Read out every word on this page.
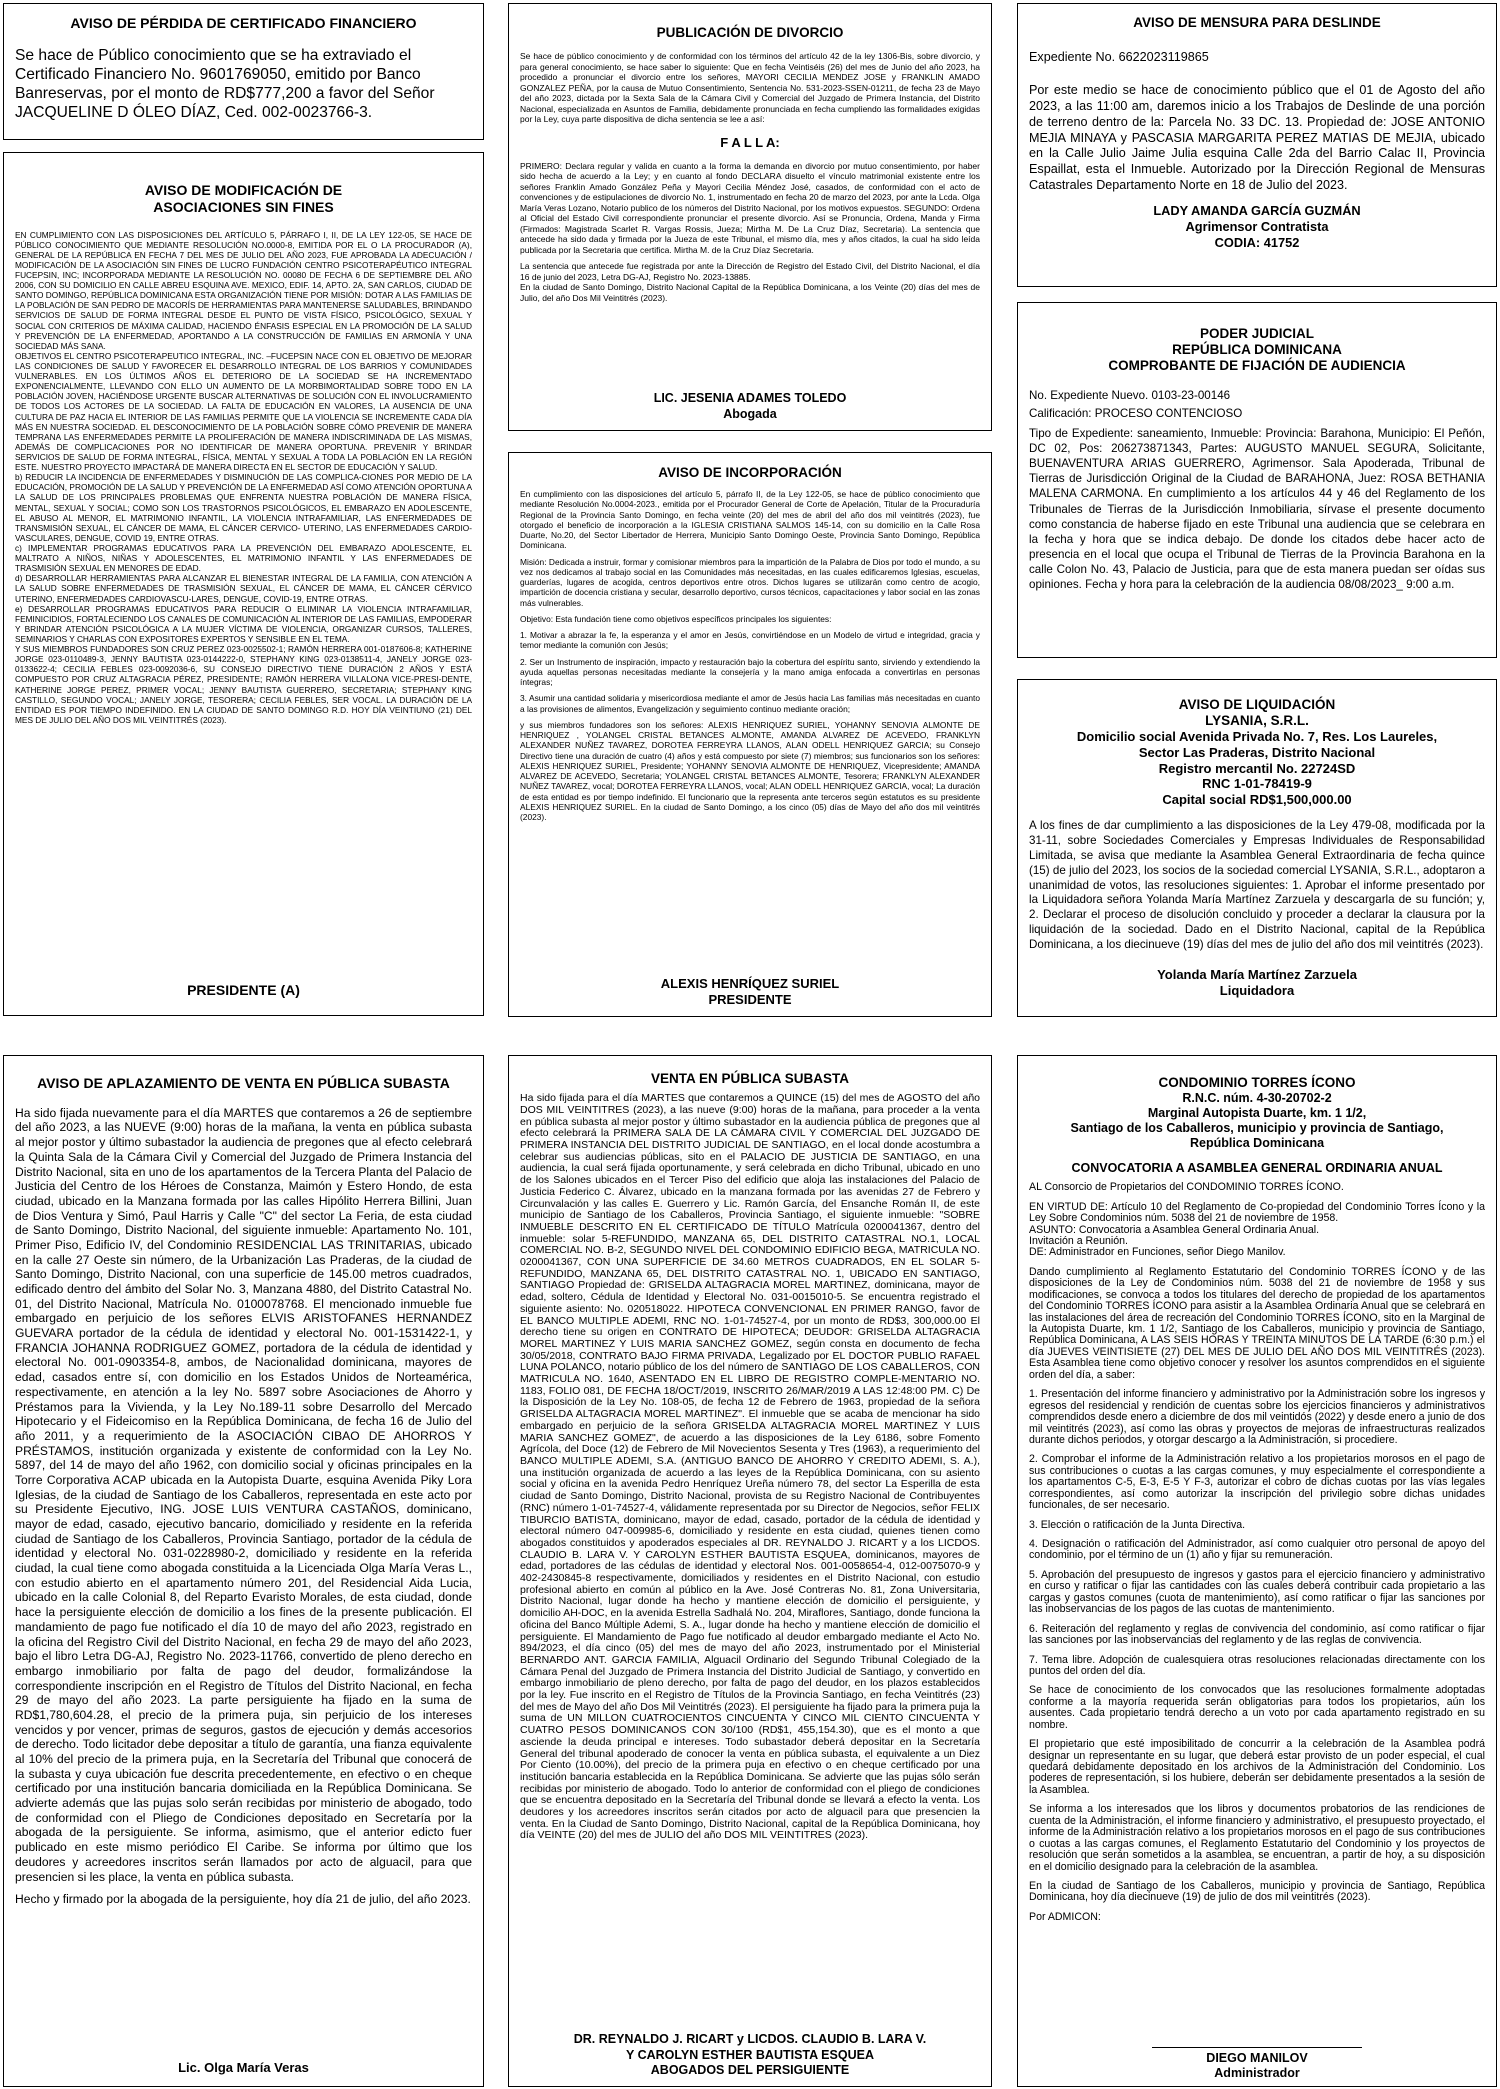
AVISO DE PÉRDIDA DE CERTIFICADO FINANCIERO
Se hace de Público conocimiento que se ha extraviado el Certificado Financiero No. 9601769050, emitido por Banco Banreservas, por el monto de RD$777,200 a favor del Señor JACQUELINE D ÓLEO DÍAZ, Ced. 002-0023766-3.
AVISO DE MODIFICACIÓN DE
ASOCIACIONES SIN FINES
EN CUMPLIMIENTO CON LAS DISPOSICIONES DEL ARTÍCULO 5, PÁRRAFO I, II, DE LA LEY 122-05, SE HACE DE PÚBLICO CONOCIMIENTO QUE MEDIANTE RESOLUCIÓN NO.0000-8, EMITIDA POR EL O LA PROCURADOR (A), GENERAL DE LA REPÚBLICA EN FECHA 7 DEL MES DE JULIO DEL AÑO 2023, FUE APROBADA LA ADECUACIÓN / MODIFICACIÓN DE LA ASOCIACIÓN SIN FINES DE LUCRO FUNDACIÓN CENTRO PSICOTERAPÉUTICO INTEGRAL FUCEPSIN, INC; INCORPORADA MEDIANTE LA RESOLUCIÓN NO. 00080 DE FECHA 6 DE SEPTIEMBRE DEL AÑO 2006, CON SU DOMICILIO EN CALLE ABREU ESQUINA AVE. MEXICO, EDIF. 14, APTO. 2A, SAN CARLOS, CIUDAD DE SANTO DOMINGO, REPÚBLICA DOMINICANA ESTA ORGANIZACIÓN TIENE POR MISIÓN: DOTAR A LAS FAMILIAS DE LA POBLACIÓN DE SAN PEDRO DE MACORÍS DE HERRAMIENTAS PARA MANTENERSE SALUDABLES, BRINDANDO SERVICIOS DE SALUD DE FORMA INTEGRAL DESDE EL PUNTO DE VISTA FÍSICO, PSICOLÓGICO, SEXUAL Y SOCIAL CON CRITERIOS DE MÁXIMA CALIDAD, HACIENDO ÉNFASIS ESPECIAL EN LA PROMOCIÓN DE LA SALUD Y PREVENCIÓN DE LA ENFERMEDAD, APORTANDO A LA CONSTRUCCIÓN DE FAMILIAS EN ARMONÍA Y UNA SOCIEDAD MÁS SANA.
OBJETIVOS EL CENTRO PSICOTERAPEUTICO INTEGRAL, INC. –FUCEPSIN NACE CON EL OBJETIVO DE MEJORAR LAS CONDICIONES DE SALUD Y FAVORECER EL DESARROLLO INTEGRAL DE LOS BARRIOS Y COMUNIDADES VULNERABLES. EN LOS ÚLTIMOS AÑOS EL DETERIORO DE LA SOCIEDAD SE HA INCREMENTADO EXPONENCIALMENTE, LLEVANDO CON ELLO UN AUMENTO DE LA MORBIMORTALIDAD SOBRE TODO EN LA POBLACIÓN JOVEN, HACIÉNDOSE URGENTE BUSCAR ALTERNATIVAS DE SOLUCIÓN CON EL INVOLUCRAMIENTO DE TODOS LOS ACTORES DE LA SOCIEDAD. LA FALTA DE EDUCACIÓN EN VALORES, LA AUSENCIA DE UNA CULTURA DE PAZ HACIA EL INTERIOR DE LAS FAMILIAS PERMITE QUE LA VIOLENCIA SE INCREMENTE CADA DÍA MÁS EN NUESTRA SOCIEDAD. EL DESCONOCIMIENTO DE LA POBLACIÓN SOBRE CÓMO PREVENIR DE MANERA TEMPRANA LAS ENFERMEDADES PERMITE LA PROLIFERACIÓN DE MANERA INDISCRIMINADA DE LAS MISMAS, ADEMÁS DE COMPLICACIONES POR NO IDENTIFICAR DE MANERA OPORTUNA. PREVENIR Y BRINDAR SERVICIOS DE SALUD DE FORMA INTEGRAL, FÍSICA, MENTAL Y SEXUAL A TODA LA POBLACIÓN EN LA REGIÓN ESTE. NUESTRO PROYECTO IMPACTARÁ DE MANERA DIRECTA EN EL SECTOR DE EDUCACIÓN Y SALUD.
b) REDUCIR LA INCIDENCIA DE ENFERMEDADES Y DISMINUCIÓN DE LAS COMPLICA-CIONES POR MEDIO DE LA EDUCACIÓN, PROMOCIÓN DE LA SALUD Y PREVENCIÓN DE LA ENFERMEDAD ASÍ COMO ATENCIÓN OPORTUNA A LA SALUD DE LOS PRINCIPALES PROBLEMAS QUE ENFRENTA NUESTRA POBLACIÓN DE MANERA FÍSICA, MENTAL, SEXUAL Y SOCIAL; COMO SON LOS TRASTORNOS PSICOLÓGICOS, EL EMBARAZO EN ADOLESCENTE, EL ABUSO AL MENOR, EL MATRIMONIO INFANTIL, LA VIOLENCIA INTRAFAMILIAR, LAS ENFERMEDADES DE TRANSMISIÓN SEXUAL, EL CÁNCER DE MAMA, EL CÁNCER CERVICO- UTERINO, LAS ENFERMEDADES CARDIO-VASCULARES, DENGUE, COVID 19, ENTRE OTRAS.
c) IMPLEMENTAR PROGRAMAS EDUCATIVOS PARA LA PREVENCIÓN DEL EMBARAZO ADOLESCENTE, EL MALTRATO A NIÑOS, NIÑAS Y ADOLESCENTES, EL MATRIMONIO INFANTIL Y LAS ENFERMEDADES DE TRASMISIÓN SEXUAL EN MENORES DE EDAD.
d) DESARROLLAR HERRAMIENTAS PARA ALCANZAR EL BIENESTAR INTEGRAL DE LA FAMILIA, CON ATENCIÓN A LA SALUD SOBRE ENFERMEDADES DE TRASMISIÓN SEXUAL, EL CÁNCER DE MAMA, EL CÁNCER CÉRVICO UTERINO, ENFERMEDADES CARDIOVASCU-LARES, DENGUE, COVID-19, ENTRE OTRAS.
e) DESARROLLAR PROGRAMAS EDUCATIVOS PARA REDUCIR O ELIMINAR LA VIOLENCIA INTRAFAMILIAR, FEMINICIDIOS, FORTALECIENDO LOS CANALES DE COMUNICACIÓN AL INTERIOR DE LAS FAMILIAS, EMPODERAR Y BRINDAR ATENCIÓN PSICOLÓGICA A LA MUJER VÍCTIMA DE VIOLENCIA, ORGANIZAR CURSOS, TALLERES, SEMINARIOS Y CHARLAS CON EXPOSITORES EXPERTOS Y SENSIBLE EN EL TEMA.
Y SUS MIEMBROS FUNDADORES SON CRUZ PEREZ 023-0025502-1; RAMÓN HERRERA 001-0187606-8; KATHERINE JORGE 023-0110489-3, JENNY BAUTISTA 023-0144222-0, STEPHANY KING 023-0138511-4, JANELY JORGE 023-0133622-4; CECILIA FEBLES 023-0092036-6, SU CONSEJO DIRECTIVO TIENE DURACIÓN 2 AÑOS Y ESTÁ COMPUESTO POR CRUZ ALTAGRACIA PÉREZ, PRESIDENTE; RAMÓN HERRERA VILLALONA VICE-PRESI-DENTE, KATHERINE JORGE PEREZ, PRIMER VOCAL; JENNY BAUTISTA GUERRERO, SECRETARIA; STEPHANY KING CASTILLO, SEGUNDO VOCAL; JANELY JORGE, TESORERA; CECILIA FEBLES, SER VOCAL. LA DURACIÓN DE LA ENTIDAD ES POR TIEMPO INDEFINIDO. EN LA CIUDAD DE SANTO DOMINGO R.D. HOY DÍA VEINTIUNO (21) DEL MES DE JULIO DEL AÑO DOS MIL VEINTITRÉS (2023).
PRESIDENTE (A)
AVISO DE APLAZAMIENTO DE VENTA EN PÚBLICA SUBASTA
Ha sido fijada nuevamente para el día MARTES que contaremos a 26 de septiembre del año 2023, a las NUEVE (9:00) horas de la mañana, la venta en pública subasta al mejor postor y último subastador la audiencia de pregones que al efecto celebrará la Quinta Sala de la Cámara Civil y Comercial del Juzgado de Primera Instancia del Distrito Nacional, sita en uno de los apartamentos de la Tercera Planta del Palacio de Justicia del Centro de los Héroes de Constanza, Maimón y Estero Hondo, de esta ciudad, ubicado en la Manzana formada por las calles Hipólito Herrera Billini, Juan de Dios Ventura y Simó, Paul Harris y Calle "C" del sector La Feria, de esta ciudad de Santo Domingo, Distrito Nacional, del siguiente inmueble: Apartamento No. 101, Primer Piso, Edificio IV, del Condominio RESIDENCIAL LAS TRINITARIAS, ubicado en la calle 27 Oeste sin número, de la Urbanización Las Praderas, de la ciudad de Santo Domingo, Distrito Nacional, con una superficie de 145.00 metros cuadrados, edificado dentro del ámbito del Solar No. 3, Manzana 4880, del Distrito Catastral No. 01, del Distrito Nacional, Matrícula No. 0100078768. El mencionado inmueble fue embargado en perjuicio de los señores ELVIS ARISTOFANES HERNANDEZ GUEVARA portador de la cédula de identidad y electoral No. 001-1531422-1, y FRANCIA JOHANNA RODRIGUEZ GOMEZ, portadora de la cédula de identidad y electoral No. 001-0903354-8, ambos, de Nacionalidad dominicana, mayores de edad, casados entre sí, con domicilio en los Estados Unidos de Norteamérica, respectivamente, en atención a la ley No. 5897 sobre Asociaciones de Ahorro y Préstamos para la Vivienda, y la Ley No.189-11 sobre Desarrollo del Mercado Hipotecario y el Fideicomiso en la República Dominicana, de fecha 16 de Julio del año 2011, y a requerimiento de la ASOCIACIÓN CIBAO DE AHORROS Y PRÉSTAMOS, institución organizada y existente de conformidad con la Ley No. 5897, del 14 de mayo del año 1962, con domicilio social y oficinas principales en la Torre Corporativa ACAP ubicada en la Autopista Duarte, esquina Avenida Piky Lora Iglesias, de la ciudad de Santiago de los Caballeros, representada en este acto por su Presidente Ejecutivo, ING. JOSE LUIS VENTURA CASTAÑOS, dominicano, mayor de edad, casado, ejecutivo bancario, domiciliado y residente en la referida ciudad de Santiago de los Caballeros, Provincia Santiago, portador de la cédula de identidad y electoral No. 031-0228980-2, domiciliado y residente en la referida ciudad, la cual tiene como abogada constituida a la Licenciada Olga María Veras L., con estudio abierto en el apartamento número 201, del Residencial Aida Lucia, ubicado en la calle Colonial 8, del Reparto Evaristo Morales, de esta ciudad, donde hace la persiguiente elección de domicilio a los fines de la presente publicación. El mandamiento de pago fue notificado el día 10 de mayo del año 2023, registrado en la oficina del Registro Civil del Distrito Nacional, en fecha 29 de mayo del año 2023, bajo el libro Letra DG-AJ, Registro No. 2023-11766, convertido de pleno derecho en embargo inmobiliario por falta de pago del deudor, formalizándose la correspondiente inscripción en el Registro de Títulos del Distrito Nacional, en fecha 29 de mayo del año 2023. La parte persiguiente ha fijado en la suma de RD$1,780,604.28, el precio de la primera puja, sin perjuicio de los intereses vencidos y por vencer, primas de seguros, gastos de ejecución y demás accesorios de derecho. Todo licitador debe depositar a título de garantía, una fianza equivalente al 10% del precio de la primera puja, en la Secretaría del Tribunal que conocerá de la subasta y cuya ubicación fue descrita precedentemente, en efectivo o en cheque certificado por una institución bancaria domiciliada en la República Dominicana. Se advierte además que las pujas solo serán recibidas por ministerio de abogado, todo de conformidad con el Pliego de Condiciones depositado en Secretaría por la abogada de la persiguiente. Se informa, asimismo, que el anterior edicto fuer publicado en este mismo periódico El Caribe. Se informa por último que los deudores y acreedores inscritos serán llamados por acto de alguacil, para que presencien si les place, la venta en pública subasta.
Hecho y firmado por la abogada de la persiguiente, hoy día 21 de julio, del año 2023.
Lic. Olga María Veras
PUBLICACIÓN DE DIVORCIO
Se hace de público conocimiento y de conformidad con los términos del artículo 42 de la ley 1306-Bis, sobre divorcio, y para general conocimiento, se hace saber lo siguiente: Que en fecha Veintiséis (26) del mes de Junio del año 2023, ha procedido a pronunciar el divorcio entre los señores, MAYORI CECILIA MENDEZ JOSE y FRANKLIN AMADO GONZALEZ PEÑA, por la causa de Mutuo Consentimiento, Sentencia No. 531-2023-SSEN-01211, de fecha 23 de Mayo del año 2023, dictada por la Sexta Sala de la Cámara Civil y Comercial del Juzgado de Primera Instancia, del Distrito Nacional, especializada en Asuntos de Familia, debidamente pronunciada en fecha cumpliendo las formalidades exigidas por la Ley, cuya parte dispositiva de dicha sentencia se lee a así:
F A L L A:
PRIMERO: Declara regular y valida en cuanto a la forma la demanda en divorcio por mutuo consentimiento, por haber sido hecha de acuerdo a la Ley; y en cuanto al fondo DECLARA disuelto el vínculo matrimonial existente entre los señores Franklin Amado González Peña y Mayori Cecilia Méndez José, casados, de conformidad con el acto de convenciones y de estipulaciones de divorcio No. 1, instrumentado en fecha 20 de marzo del 2023, por ante la Lcda. Olga María Veras Lozano, Notario publico de los números del Distrito Nacional, por los motivos expuestos. SEGUNDO: Ordena al Oficial del Estado Civil correspondiente pronunciar el presente divorcio. Así se Pronuncia, Ordena, Manda y Firma (Firmados: Magistrada Scarlet R. Vargas Rossis, Jueza; Mirtha M. De La Cruz Díaz, Secretaria). La sentencia que antecede ha sido dada y firmada por la Jueza de este Tribunal, el mismo día, mes y años citados, la cual ha sido leída publicada por la Secretaria que certifica. Mirtha M. de la Cruz Díaz Secretaria.
La sentencia que antecede fue registrada por ante la Dirección de Registro del Estado Civil, del Distrito Nacional, el día 16 de junio del 2023, Letra DG-AJ, Registro No. 2023-13885.
En la ciudad de Santo Domingo, Distrito Nacional Capital de la República Dominicana, a los Veinte (20) días del mes de Julio, del año Dos Mil Veintitrés (2023).
LIC. JESENIA ADAMES TOLEDO
Abogada
AVISO DE INCORPORACIÓN
En cumplimiento con las disposiciones del artículo 5, párrafo II, de la Ley 122-05, se hace de público conocimiento que mediante Resolución No.0004-2023., emitida por el Procurador General de Corte de Apelación, Titular de la Procuraduría Regional de la Provincia Santo Domingo, en fecha veinte (20) del mes de abril del año dos mil veintitrés (2023), fue otorgado el beneficio de incorporación a la IGLESIA CRISTIANA SALMOS 145-14, con su domicilio en la Calle Rosa Duarte, No.20, del Sector Libertador de Herrera, Municipio Santo Domingo Oeste, Provincia Santo Domingo, República Dominicana.
Misión: Dedicada a instruir, formar y comisionar miembros para la impartición de la Palabra de Dios por todo el mundo, a su vez nos dedicamos al trabajo social en las Comunidades más necesitadas, en las cuales edificaremos Iglesias, escuelas, guarderías, lugares de acogida, centros deportivos entre otros. Dichos lugares se utilizarán como centro de acogio, impartición de docencia cristiana y secular, desarrollo deportivo, cursos técnicos, capacitaciones y labor social en las zonas más vulnerables.
Objetivo: Esta fundación tiene como objetivos específicos principales los siguientes:
1. Motivar a abrazar la fe, la esperanza y el amor en Jesús, convirtiéndose en un Modelo de virtud e integridad, gracia y temor mediante la comunión con Jesús;
2. Ser un Instrumento de inspiración, impacto y restauración bajo la cobertura del espíritu santo, sirviendo y extendiendo la ayuda aquellas personas necesitadas mediante la consejería y la mano amiga enfocada a convertirlas en personas íntegras;
3. Asumir una cantidad solidaria y misericordiosa mediante el amor de Jesús hacia Las familias más necesitadas en cuanto a las provisiones de alimentos, Evangelización y seguimiento continuo mediante oración;
y sus miembros fundadores son los señores: ALEXIS HENRIQUEZ SURIEL, YOHANNY SENOVIA ALMONTE DE HENRIQUEZ , YOLANGEL CRISTAL BETANCES ALMONTE, AMANDA ALVAREZ DE ACEVEDO, FRANKLYN ALEXANDER NUÑEZ TAVAREZ, DOROTEA FERREYRA LLANOS, ALAN ODELL HENRIQUEZ GARCIA; su Consejo Directivo tiene una duración de cuatro (4) años y está compuesto por siete (7) miembros; sus funcionarios son los señores: ALEXIS HENRIQUEZ SURIEL, Presidente; YOHANNY SENOVIA ALMONTE DE HENRIQUEZ, Vicepresidente; AMANDA ALVAREZ DE ACEVEDO, Secretaria; YOLANGEL CRISTAL BETANCES ALMONTE, Tesorera; FRANKLYN ALEXANDER NUÑEZ TAVAREZ, vocal; DOROTEA FERREYRA LLANOS, vocal; ALAN ODELL HENRIQUEZ GARCIA, vocal; La duración de esta entidad es por tiempo indefinido. El funcionario que la representa ante terceros según estatutos es su presidente ALEXIS HENRIQUEZ SURIEL. En la ciudad de Santo Domingo, a los cinco (05) días de Mayo del año dos mil veintitrés (2023).
ALEXIS HENRÍQUEZ SURIEL
PRESIDENTE
VENTA EN PÚBLICA SUBASTA
Ha sido fijada para el día MARTES que contaremos a QUINCE (15) del mes de AGOSTO del año DOS MIL VEINTITRES (2023), a las nueve (9:00) horas de la mañana, para proceder a la venta en pública subasta al mejor postor y último subastador en la audiencia pública de pregones que al efecto celebrará la PRIMERA SALA DE LA CÁMARA CIVIL Y COMERCIAL DEL JUZGADO DE PRIMERA INSTANCIA DEL DISTRITO JUDICIAL DE SANTIAGO, en el local donde acostumbra a celebrar sus audiencias públicas, sito en el PALACIO DE JUSTICIA DE SANTIAGO, en una audiencia, la cual será fijada oportunamente, y será celebrada en dicho Tribunal, ubicado en uno de los Salones ubicados en el Tercer Piso del edificio que aloja las instalaciones del Palacio de Justicia Federico C. Álvarez, ubicado en la manzana formada por las avenidas 27 de Febrero y Circunvalación y las calles E. Guerrero y Lic. Ramón García, del Ensanche Román II, de este municipio de Santiago de los Caballeros, Provincia Santiago, el siguiente inmueble: "SOBRE INMUEBLE DESCRITO EN EL CERTIFICADO DE TÍTULO Matrícula 0200041367, dentro del inmueble: solar 5-REFUNDIDO, MANZANA 65, DEL DISTRITO CATASTRAL NO.1, LOCAL COMERCIAL NO. B-2, SEGUNDO NIVEL DEL CONDOMINIO EDIFICIO BEGA, MATRICULA NO. 0200041367, CON UNA SUPERFICIE DE 34.60 METROS CUADRADOS, EN EL SOLAR 5-REFUNDIDO, MANZANA 65, DEL DISTRITO CATASTRAL NO. 1, UBICADO EN SANTIAGO, SANTIAGO Propiedad de: GRISELDA ALTAGRACIA MOREL MARTINEZ, dominicana, mayor de edad, soltero, Cédula de Identidad y Electoral No. 031-0015010-5. Se encuentra registrado el siguiente asiento: No. 020518022. HIPOTECA CONVENCIONAL EN PRIMER RANGO, favor de EL BANCO MULTIPLE ADEMI, RNC NO. 1-01-74527-4, por un monto de RD$3, 300,000.00 El derecho tiene su origen en CONTRATO DE HIPOTECA; DEUDOR: GRISELDA ALTAGRACIA MOREL MARTINEZ Y LUIS MARIA SANCHEZ GOMEZ, según consta en documento de fecha 30/05/2018, CONTRATO BAJO FIRMA PRIVADA, Legalizado por EL DOCTOR PUBLIO RAFAEL LUNA POLANCO, notario público de los del número de SANTIAGO DE LOS CABALLEROS, CON MATRICULA NO. 1640, ASENTADO EN EL LIBRO DE REGISTRO COMPLE-MENTARIO NO. 1183, FOLIO 081, DE FECHA 18/OCT/2019, INSCRITO 26/MAR/2019 A LAS 12:48:00 PM. C) De la Disposición de la Ley No. 108-05, de fecha 12 de Febrero de 1963, propiedad de la señora GRISELDA ALTAGRACIA MOREL MARTINEZ". El inmueble que se acaba de mencionar ha sido embargado en perjuicio de la señora GRISELDA ALTAGRACIA MOREL MARTINEZ Y LUIS MARIA SANCHEZ GOMEZ", de acuerdo a las disposiciones de la Ley 6186, sobre Fomento Agrícola, del Doce (12) de Febrero de Mil Novecientos Sesenta y Tres (1963), a requerimiento del BANCO MULTIPLE ADEMI, S.A. (ANTIGUO BANCO DE AHORRO Y CREDITO ADEMI, S. A.), una institución organizada de acuerdo a las leyes de la República Dominicana, con su asiento social y oficina en la avenida Pedro Henríquez Ureña número 78, del sector La Esperilla de esta ciudad de Santo Domingo, Distrito Nacional, provista de su Registro Nacional de Contribuyentes (RNC) número 1-01-74527-4, válidamente representada por su Director de Negocios, señor FELIX TIBURCIO BATISTA, dominicano, mayor de edad, casado, portador de la cédula de identidad y electoral número 047-009985-6, domiciliado y residente en esta ciudad, quienes tienen como abogados constituidos y apoderados especiales al DR. REYNALDO J. RICART y a los LICDOS. CLAUDIO B. LARA V. Y CAROLYN ESTHER BAUTISTA ESQUEA, dominicanos, mayores de edad, portadores de las cédulas de identidad y electoral Nos. 001-0058654-4, 012-0075070-9 y 402-2430845-8 respectivamente, domiciliados y residentes en el Distrito Nacional, con estudio profesional abierto en común al público en la Ave. José Contreras No. 81, Zona Universitaria, Distrito Nacional, lugar donde ha hecho y mantiene elección de domicilio el persiguiente, y domicilio AH-DOC, en la avenida Estrella Sadhalá No. 204, Miraflores, Santiago, donde funciona la oficina del Banco Múltiple Ademi, S. A., lugar donde ha hecho y mantiene elección de domicilio el persiguiente. El Mandamiento de Pago fue notificado al deudor embargado mediante el Acto No. 894/2023, el día cinco (05) del mes de mayo del año 2023, instrumentado por el Ministerial BERNARDO ANT. GARCIA FAMILIA, Alguacil Ordinario del Segundo Tribunal Colegiado de la Cámara Penal del Juzgado de Primera Instancia del Distrito Judicial de Santiago, y convertido en embargo inmobiliario de pleno derecho, por falta de pago del deudor, en los plazos establecidos por la ley. Fue inscrito en el Registro de Títulos de la Provincia Santiago, en fecha Veintitrés (23) del mes de Mayo del año Dos Mil Veintitrés (2023). El persiguiente ha fijado para la primera puja la suma de UN MILLON CUATROCIENTOS CINCUENTA Y CINCO MIL CIENTO CINCUENTA Y CUATRO PESOS DOMINICANOS CON 30/100 (RD$1, 455,154.30), que es el monto a que asciende la deuda principal e intereses. Todo subastador deberá depositar en la Secretaría General del tribunal apoderado de conocer la venta en pública subasta, el equivalente a un Diez Por Ciento (10.00%), del precio de la primera puja en efectivo o en cheque certificado por una institución bancaria establecida en la República Dominicana. Se advierte que las pujas sólo serán recibidas por ministerio de abogado. Todo lo anterior de conformidad con el pliego de condiciones que se encuentra depositado en la Secretaría del Tribunal donde se llevará a efecto la venta. Los deudores y los acreedores inscritos serán citados por acto de alguacil para que presencien la venta. En la Ciudad de Santo Domingo, Distrito Nacional, capital de la República Dominicana, hoy día VEINTE (20) del mes de JULIO del año DOS MIL VEINTITRES (2023).
DR. REYNALDO J. RICART y LICDOS. CLAUDIO B. LARA V.
Y CAROLYN ESTHER BAUTISTA ESQUEA
ABOGADOS DEL PERSIGUIENTE
AVISO DE MENSURA PARA DESLINDE
Expediente No. 6622023119865
Por este medio se hace de conocimiento público que el 01 de Agosto del año 2023, a las 11:00 am, daremos inicio a los Trabajos de Deslinde de una porción de terreno dentro de la: Parcela No. 33 DC. 13. Propiedad de: JOSE ANTONIO MEJIA MINAYA y PASCASIA MARGARITA PEREZ MATIAS DE MEJIA, ubicado en la Calle Julio Jaime Julia esquina Calle 2da del Barrio Calac II, Provincia Espaillat, esta el Inmueble. Autorizado por la Dirección Regional de Mensuras Catastrales Departamento Norte en 18 de Julio del 2023.
LADY AMANDA GARCÍA GUZMÁN
Agrimensor Contratista
CODIA: 41752
PODER JUDICIAL
REPÚBLICA DOMINICANA
COMPROBANTE DE FIJACIÓN DE AUDIENCIA
No. Expediente Nuevo. 0103-23-00146
Calificación: PROCESO CONTENCIOSO
Tipo de Expediente: saneamiento, Inmueble: Provincia: Barahona, Municipio: El Peñón, DC 02, Pos: 206273871343, Partes: AUGUSTO MANUEL SEGURA, Solicitante, BUENAVENTURA ARIAS GUERRERO, Agrimensor. Sala Apoderada, Tribunal de Tierras de Jurisdicción Original de la Ciudad de BARAHONA, Juez: ROSA BETHANIA MALENA CARMONA. En cumplimiento a los artículos 44 y 46 del Reglamento de los Tribunales de Tierras de la Jurisdicción Inmobiliaria, sírvase el presente documento como constancia de haberse fijado en este Tribunal una audiencia que se celebrara en la fecha y hora que se indica debajo. De donde los citados debe hacer acto de presencia en el local que ocupa el Tribunal de Tierras de la Provincia Barahona en la calle Colon No. 43, Palacio de Justicia, para que de esta manera puedan ser oídas sus opiniones. Fecha y hora para la celebración de la audiencia 08/08/2023_ 9:00 a.m.
AVISO DE LIQUIDACIÓN
LYSANIA, S.R.L.
Domicilio social Avenida Privada No. 7, Res. Los Laureles,
Sector Las Praderas, Distrito Nacional
Registro mercantil No. 22724SD
RNC 1-01-78419-9
Capital social RD$1,500,000.00
A los fines de dar cumplimiento a las disposiciones de la Ley 479-08, modificada por la 31-11, sobre Sociedades Comerciales y Empresas Individuales de Responsabilidad Limitada, se avisa que mediante la Asamblea General Extraordinaria de fecha quince (15) de julio del 2023, los socios de la sociedad comercial LYSANIA, S.R.L., adoptaron a unanimidad de votos, las resoluciones siguientes: 1. Aprobar el informe presentado por la Liquidadora señora Yolanda María Martínez Zarzuela y descargarla de su función; y, 2. Declarar el proceso de disolución concluido y proceder a declarar la clausura por la liquidación de la sociedad. Dado en el Distrito Nacional, capital de la República Dominicana, a los diecinueve (19) días del mes de julio del año dos mil veintitrés (2023).
Yolanda María Martínez Zarzuela
Liquidadora
CONDOMINIO TORRES ÍCONO
R.N.C. núm. 4-30-20702-2
Marginal Autopista Duarte, km. 1 1/2,
Santiago de los Caballeros, municipio y provincia de Santiago,
República Dominicana
CONVOCATORIA A ASAMBLEA GENERAL ORDINARIA ANUAL
AL Consorcio de Propietarios del CONDOMINIO TORRES ÍCONO.
EN VIRTUD DE: Artículo 10 del Reglamento de Co-propiedad del Condominio Torres Ícono y la Ley Sobre Condominios núm. 5038 del 21 de noviembre de 1958.
ASUNTO: Convocatoria a Asamblea General Ordinaria Anual.
Invitación a Reunión.
DE: Administrador en Funciones, señor Diego Manilov.
Dando cumplimiento al Reglamento Estatutario del Condominio TORRES ÍCONO y de las disposiciones de la Ley de Condominios núm. 5038 del 21 de noviembre de 1958 y sus modificaciones, se convoca a todos los titulares del derecho de propiedad de los apartamentos del Condominio TORRES ÍCONO para asistir a la Asamblea Ordinaria Anual que se celebrará en las instalaciones del área de recreación del Condominio TORRES ÍCONO, sito en la Marginal de la Autopista Duarte, km. 1 1/2, Santiago de los Caballeros, municipio y provincia de Santiago, República Dominicana, A LAS SEIS HORAS Y TREINTA MINUTOS DE LA TARDE (6:30 p.m.) el día JUEVES VEINTISIETE (27) DEL MES DE JULIO DEL AÑO DOS MIL VEINTITRÉS (2023). Esta Asamblea tiene como objetivo conocer y resolver los asuntos comprendidos en el siguiente orden del día, a saber:
1. Presentación del informe financiero y administrativo por la Administración sobre los ingresos y egresos del residencial y rendición de cuentas sobre los ejercicios financieros y administrativos comprendidos desde enero a diciembre de dos mil veintidós (2022) y desde enero a junio de dos mil veintitrés (2023), así como las obras y proyectos de mejoras de infraestructuras realizados durante dichos periodos, y otorgar descargo a la Administración, si procediere.
2. Comprobar el informe de la Administración relativo a los propietarios morosos en el pago de sus contribuciones o cuotas a las cargas comunes, y muy especialmente el correspondiente a los apartamentos C-5, E-3, E-5 Y F-3, autorizar el cobro de dichas cuotas por las vías legales correspondientes, así como autorizar la inscripción del privilegio sobre dichas unidades funcionales, de ser necesario.
3. Elección o ratificación de la Junta Directiva.
4. Designación o ratificación del Administrador, así como cualquier otro personal de apoyo del condominio, por el término de un (1) año y fijar su remuneración.
5. Aprobación del presupuesto de ingresos y gastos para el ejercicio financiero y administrativo en curso y ratificar o fijar las cantidades con las cuales deberá contribuir cada propietario a las cargas y gastos comunes (cuota de mantenimiento), así como ratificar o fijar las sanciones por las inobservancias de los pagos de las cuotas de mantenimiento.
6. Reiteración del reglamento y reglas de convivencia del condominio, así como ratificar o fijar las sanciones por las inobservancias del reglamento y de las reglas de convivencia.
7. Tema libre. Adopción de cualesquiera otras resoluciones relacionadas directamente con los puntos del orden del día.
Se hace de conocimiento de los convocados que las resoluciones formalmente adoptadas conforme a la mayoría requerida serán obligatorias para todos los propietarios, aún los ausentes. Cada propietario tendrá derecho a un voto por cada apartamento registrado en su nombre.
El propietario que esté imposibilitado de concurrir a la celebración de la Asamblea podrá designar un representante en su lugar, que deberá estar provisto de un poder especial, el cual quedará debidamente depositado en los archivos de la Administración del Condominio. Los poderes de representación, si los hubiere, deberán ser debidamente presentados a la sesión de la Asamblea.
Se informa a los interesados que los libros y documentos probatorios de las rendiciones de cuenta de la Administración, el informe financiero y administrativo, el presupuesto proyectado, el informe de la Administración relativo a los propietarios morosos en el pago de sus contribuciones o cuotas a las cargas comunes, el Reglamento Estatutario del Condominio y los proyectos de resolución que serán sometidos a la asamblea, se encuentran, a partir de hoy, a su disposición en el domicilio designado para la celebración de la asamblea.
En la ciudad de Santiago de los Caballeros, municipio y provincia de Santiago, República Dominicana, hoy día diecinueve (19) de julio de dos mil veintitrés (2023).
Por ADMICON:
DIEGO MANILOV
Administrador
